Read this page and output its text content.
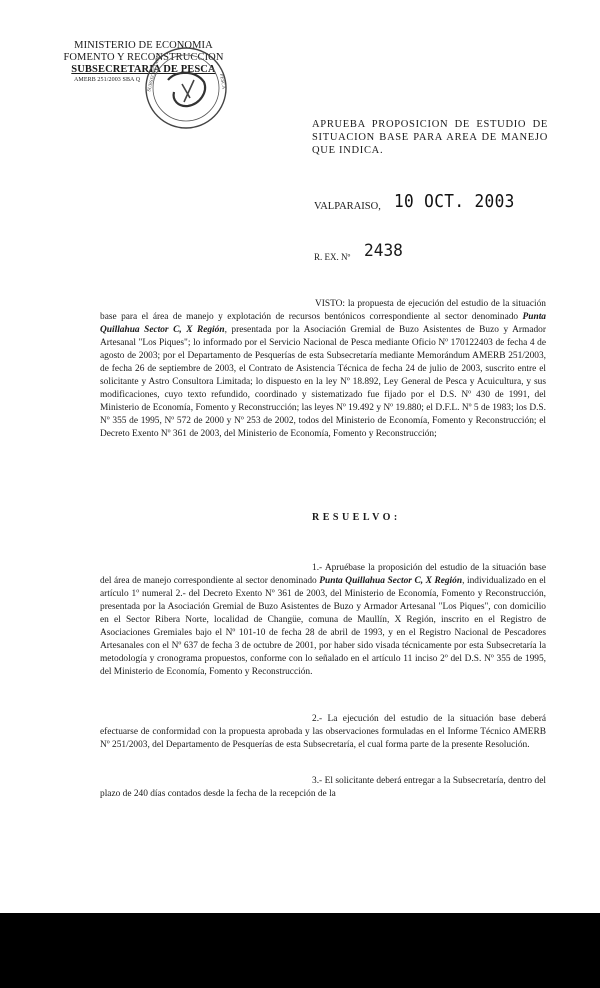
MINISTERIO DE ECONOMIA
FOMENTO Y RECONSTRUCCION
SUBSECRETARIA DE PESCA
AMERB 251/2003 SBA Q	SUBSECRETARIA	PESCA
APRUEBA PROPOSICION DE ESTUDIO DE SITUACION BASE PARA AREA DE MANEJO QUE INDICA.
VALPARAISO, 10 OCT. 2003
R. EX. Nº 2438
VISTO: la propuesta de ejecución del estudio de la situación base para el área de manejo y explotación de recursos bentónicos correspondiente al sector denominado Punta Quillahua Sector C, X Región, presentada por la Asociación Gremial de Buzo Asistentes de Buzo y Armador Artesanal "Los Piques"; lo informado por el Servicio Nacional de Pesca mediante Oficio Nº 170122403 de fecha 4 de agosto de 2003; por el Departamento de Pesquerías de esta Subsecretaría mediante Memorándum AMERB 251/2003, de fecha 26 de septiembre de 2003, el Contrato de Asistencia Técnica de fecha 24 de julio de 2003, suscrito entre el solicitante y Astro Consultora Limitada; lo dispuesto en la ley Nº 18.892, Ley General de Pesca y Acuicultura, y sus modificaciones, cuyo texto refundido, coordinado y sistematizado fue fijado por el D.S. Nº 430 de 1991, del Ministerio de Economía, Fomento y Reconstrucción; las leyes Nº 19.492 y Nº 19.880; el D.F.L. Nº 5 de 1983; los D.S. Nº 355 de 1995, Nº 572 de 2000 y Nº 253 de 2002, todos del Ministerio de Economía, Fomento y Reconstrucción; el Decreto Exento Nº 361 de 2003, del Ministerio de Economía, Fomento y Reconstrucción;
RESUELVO:
1.- Apruébase la proposición del estudio de la situación base del área de manejo correspondiente al sector denominado Punta Quillahua Sector C, X Región, individualizado en el artículo 1º numeral 2.- del Decreto Exento Nº 361 de 2003, del Ministerio de Economía, Fomento y Reconstrucción, presentada por la Asociación Gremial de Buzo Asistentes de Buzo y Armador Artesanal "Los Piques", con domicilio en el Sector Ribera Norte, localidad de Changüe, comuna de Maullín, X Región, inscrito en el Registro de Asociaciones Gremiales bajo el Nº 101-10 de fecha 28 de abril de 1993, y en el Registro Nacional de Pescadores Artesanales con el Nº 637 de fecha 3 de octubre de 2001, por haber sido visada técnicamente por esta Subsecretaría la metodología y cronograma propuestos, conforme con lo señalado en el artículo 11 inciso 2º del D.S. Nº 355 de 1995, del Ministerio de Economía, Fomento y Reconstrucción.
2.- La ejecución del estudio de la situación base deberá efectuarse de conformidad con la propuesta aprobada y las observaciones formuladas en el Informe Técnico AMERB Nº 251/2003, del Departamento de Pesquerías de esta Subsecretaría, el cual forma parte de la presente Resolución.
3.- El solicitante deberá entregar a la Subsecretaría, dentro del plazo de 240 días contados desde la fecha de la recepción de la
